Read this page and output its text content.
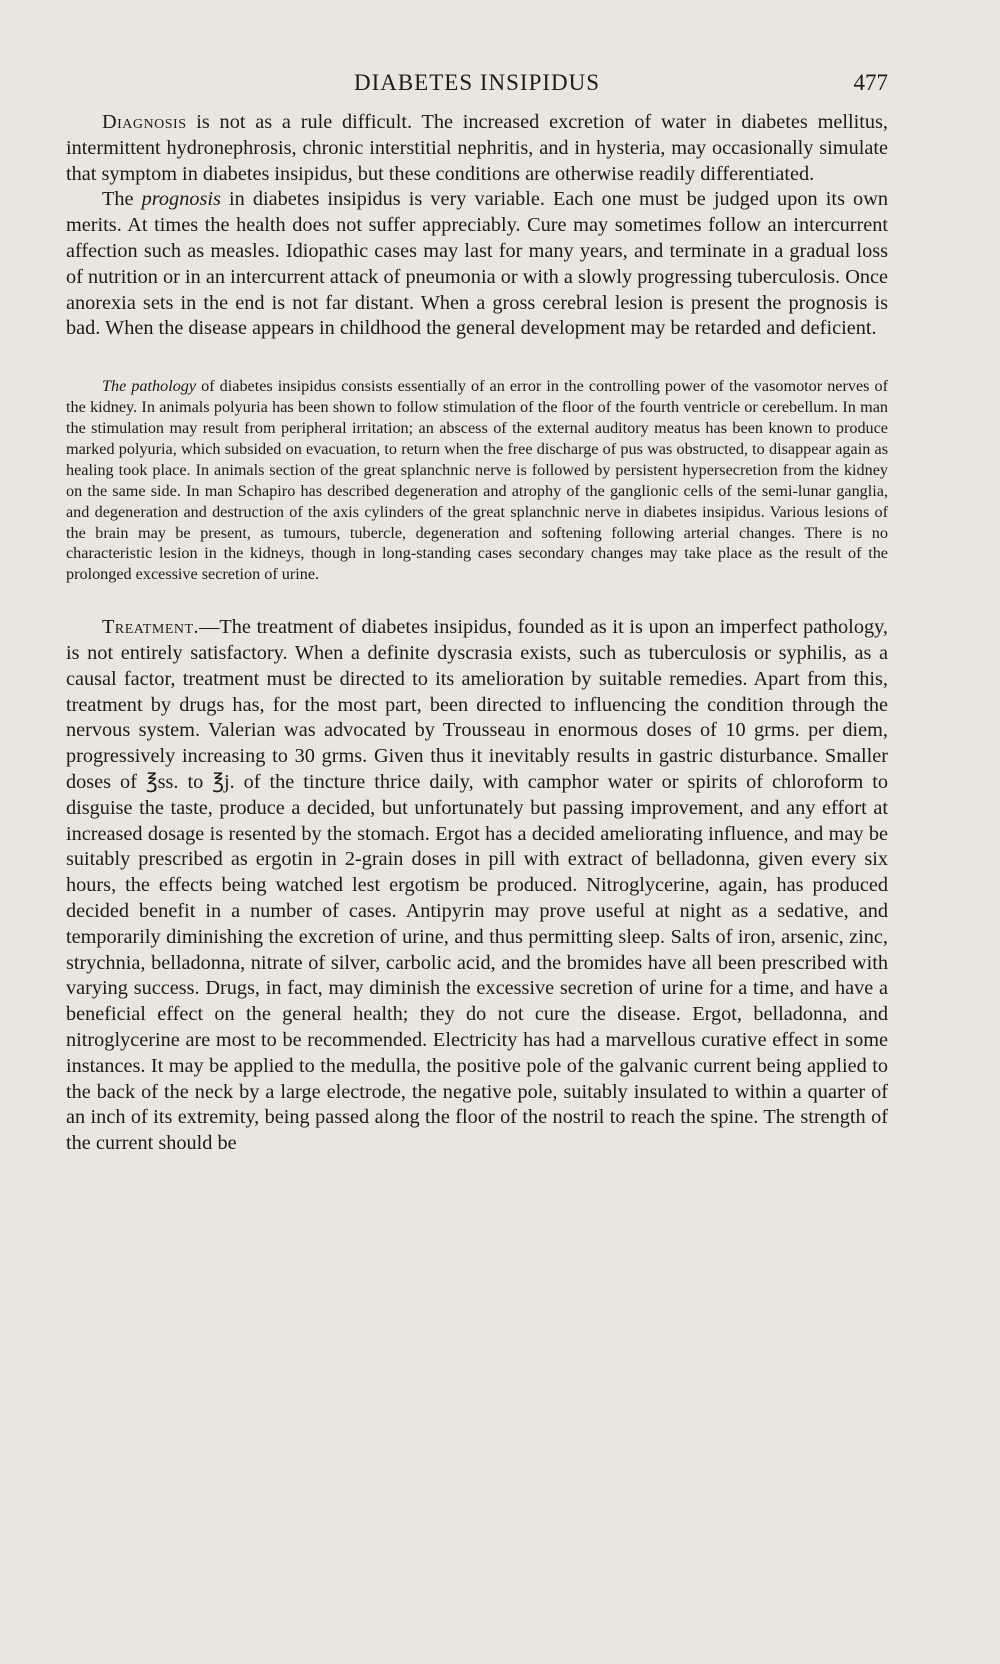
DIABETES INSIPIDUS	477

Diagnosis is not as a rule difficult. The increased excretion of water in diabetes mellitus, intermittent hydronephrosis, chronic interstitial nephritis, and in hysteria, may occasionally simulate that symptom in diabetes insipidus, but these conditions are otherwise readily differentiated.

The prognosis in diabetes insipidus is very variable. Each one must be judged upon its own merits. At times the health does not suffer appreciably. Cure may sometimes follow an intercurrent affection such as measles. Idiopathic cases may last for many years, and terminate in a gradual loss of nutrition or in an intercurrent attack of pneumonia or with a slowly progressing tuberculosis. Once anorexia sets in the end is not far distant. When a gross cerebral lesion is present the prognosis is bad. When the disease appears in childhood the general development may be retarded and deficient.

The pathology of diabetes insipidus consists essentially of an error in the controlling power of the vasomotor nerves of the kidney. In animals polyuria has been shown to follow stimulation of the floor of the fourth ventricle or cerebellum. In man the stimulation may result from peripheral irritation; an abscess of the external auditory meatus has been known to produce marked polyuria, which subsided on evacuation, to return when the free discharge of pus was obstructed, to disappear again as healing took place. In animals section of the great splanchnic nerve is followed by persistent hypersecretion from the kidney on the same side. In man Schapiro has described degeneration and atrophy of the ganglionic cells of the semi-lunar ganglia, and degeneration and destruction of the axis cylinders of the great splanchnic nerve in diabetes insipidus. Various lesions of the brain may be present, as tumours, tubercle, degeneration and softening following arterial changes. There is no characteristic lesion in the kidneys, though in long-standing cases secondary changes may take place as the result of the prolonged excessive secretion of urine.

Treatment.—The treatment of diabetes insipidus, founded as it is upon an imperfect pathology, is not entirely satisfactory. When a definite dyscrasia exists, such as tuberculosis or syphilis, as a causal factor, treatment must be directed to its amelioration by suitable remedies. Apart from this, treatment by drugs has, for the most part, been directed to influencing the condition through the nervous system. Valerian was advocated by Trousseau in enormous doses of 10 grms. per diem, progressively increasing to 30 grms. Given thus it inevitably results in gastric disturbance. Smaller doses of ℥ss. to ℥j. of the tincture thrice daily, with camphor water or spirits of chloroform to disguise the taste, produce a decided, but unfortunately but passing improvement, and any effort at increased dosage is resented by the stomach. Ergot has a decided ameliorating influence, and may be suitably prescribed as ergotin in 2-grain doses in pill with extract of belladonna, given every six hours, the effects being watched lest ergotism be produced. Nitroglycerine, again, has produced decided benefit in a number of cases. Antipyrin may prove useful at night as a sedative, and temporarily diminishing the excretion of urine, and thus permitting sleep. Salts of iron, arsenic, zinc, strychnia, belladonna, nitrate of silver, carbolic acid, and the bromides have all been prescribed with varying success. Drugs, in fact, may diminish the excessive secretion of urine for a time, and have a beneficial effect on the general health; they do not cure the disease. Ergot, belladonna, and nitroglycerine are most to be recommended. Electricity has had a marvellous curative effect in some instances. It may be applied to the medulla, the positive pole of the galvanic current being applied to the back of the neck by a large electrode, the negative pole, suitably insulated to within a quarter of an inch of its extremity, being passed along the floor of the nostril to reach the spine. The strength of the current should be
